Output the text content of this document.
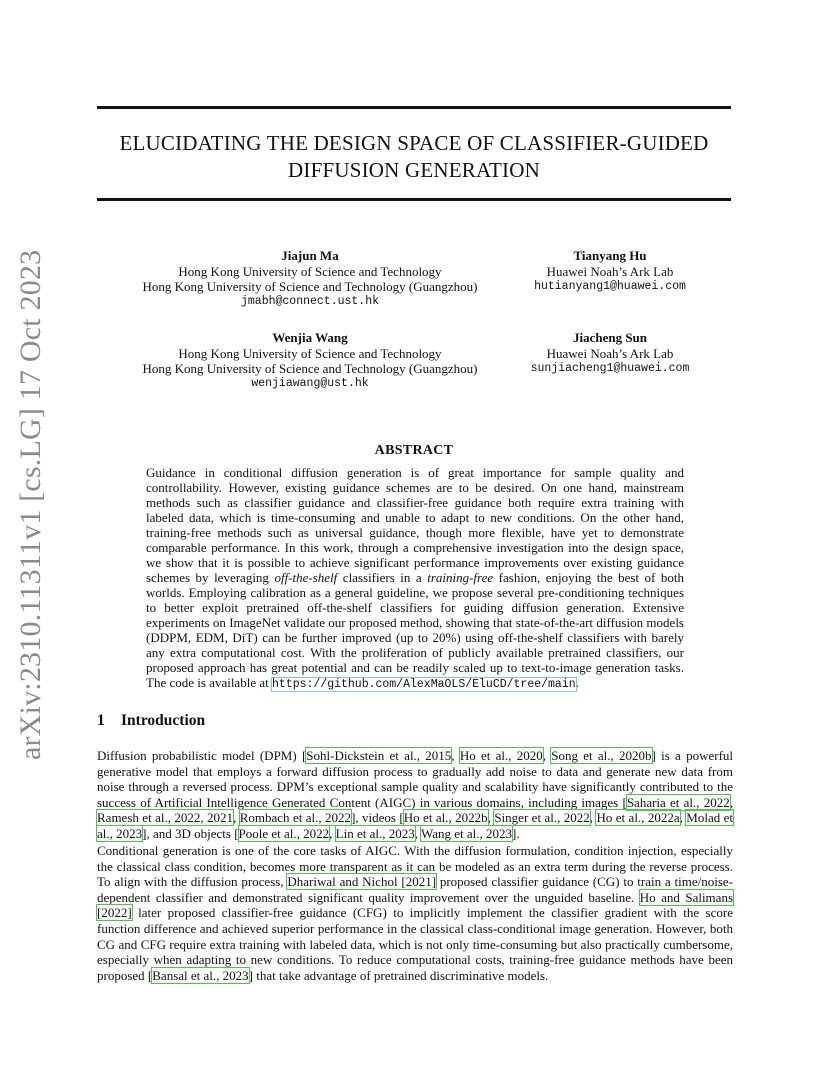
arXiv:2310.11311v1 [cs.LG] 17 Oct 2023
ELUCIDATING THE DESIGN SPACE OF CLASSIFIER-GUIDED
DIFFUSION GENERATION
Jiajun Ma
Hong Kong University of Science and Technology
Hong Kong University of Science and Technology (Guangzhou)
jmabh@connect.ust.hk
Tianyang Hu
Huawei Noah’s Ark Lab
hutianyang1@huawei.com
Wenjia Wang
Hong Kong University of Science and Technology
Hong Kong University of Science and Technology (Guangzhou)
wenjiawang@ust.hk
Jiacheng Sun
Huawei Noah’s Ark Lab
sunjiacheng1@huawei.com
ABSTRACT
Guidance in conditional diffusion generation is of great importance for sample quality and controllability. However, existing guidance schemes are to be desired. On one hand, mainstream methods such as classifier guidance and classifier-free guidance both require extra training with labeled data, which is time-consuming and unable to adapt to new conditions. On the other hand, training-free methods such as universal guidance, though more flexible, have yet to demonstrate comparable performance. In this work, through a comprehensive investigation into the design space, we show that it is possible to achieve significant performance improvements over existing guidance schemes by leveraging off-the-shelf classifiers in a training-free fashion, enjoying the best of both worlds. Employing calibration as a general guideline, we propose several pre-conditioning techniques to better exploit pretrained off-the-shelf classifiers for guiding diffusion generation. Extensive experiments on ImageNet validate our proposed method, showing that state-of-the-art diffusion models (DDPM, EDM, DiT) can be further improved (up to 20%) using off-the-shelf classifiers with barely any extra computational cost. With the proliferation of publicly available pretrained classifiers, our proposed approach has great potential and can be readily scaled up to text-to-image generation tasks. The code is available at https://github.com/AlexMaOLS/EluCD/tree/main.
1 Introduction
Diffusion probabilistic model (DPM) [Sohl-Dickstein et al., 2015, Ho et al., 2020, Song et al., 2020b] is a powerful generative model that employs a forward diffusion process to gradually add noise to data and generate new data from noise through a reversed process. DPM’s exceptional sample quality and scalability have significantly contributed to the success of Artificial Intelligence Generated Content (AIGC) in various domains, including images [Saharia et al., 2022, Ramesh et al., 2022, 2021, Rombach et al., 2022], videos [Ho et al., 2022b, Singer et al., 2022, Ho et al., 2022a, Molad et al., 2023], and 3D objects [Poole et al., 2022, Lin et al., 2023, Wang et al., 2023].
Conditional generation is one of the core tasks of AIGC. With the diffusion formulation, condition injection, especially the classical class condition, becomes more transparent as it can be modeled as an extra term during the reverse process. To align with the diffusion process, Dhariwal and Nichol [2021] proposed classifier guidance (CG) to train a time/noise-dependent classifier and demonstrated significant quality improvement over the unguided baseline. Ho and Salimans [2022] later proposed classifier-free guidance (CFG) to implicitly implement the classifier gradient with the score function difference and achieved superior performance in the classical class-conditional image generation. However, both CG and CFG require extra training with labeled data, which is not only time-consuming but also practically cumbersome, especially when adapting to new conditions. To reduce computational costs, training-free guidance methods have been proposed [Bansal et al., 2023] that take advantage of pretrained discriminative models.
